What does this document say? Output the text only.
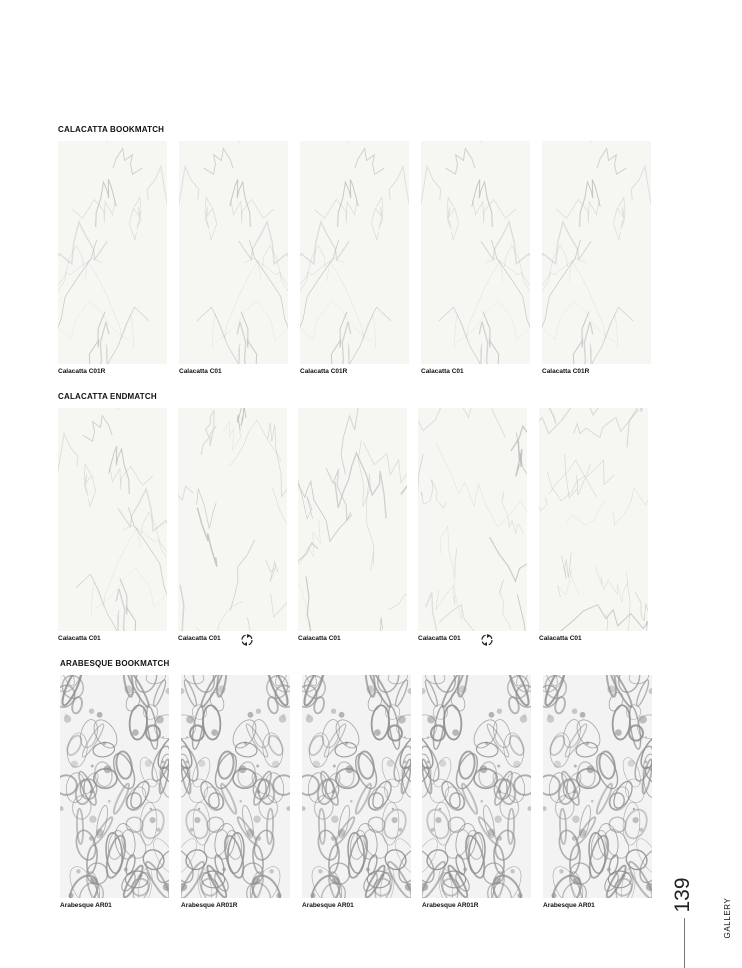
CALACATTA BOOKMATCH
CALACATTA ENDMATCH
ARABESQUE BOOKMATCH
Calacatta C01R	Calacatta C01	Calacatta C01R	Calacatta C01	Calacatta C01R
Calacatta C01	Calacatta C01	Calacatta C01	Calacatta C01	Calacatta C01
Arabesque AR01	Arabesque AR01R	Arabesque AR01	Arabesque AR01R	Arabesque AR01	139
GALLERY
